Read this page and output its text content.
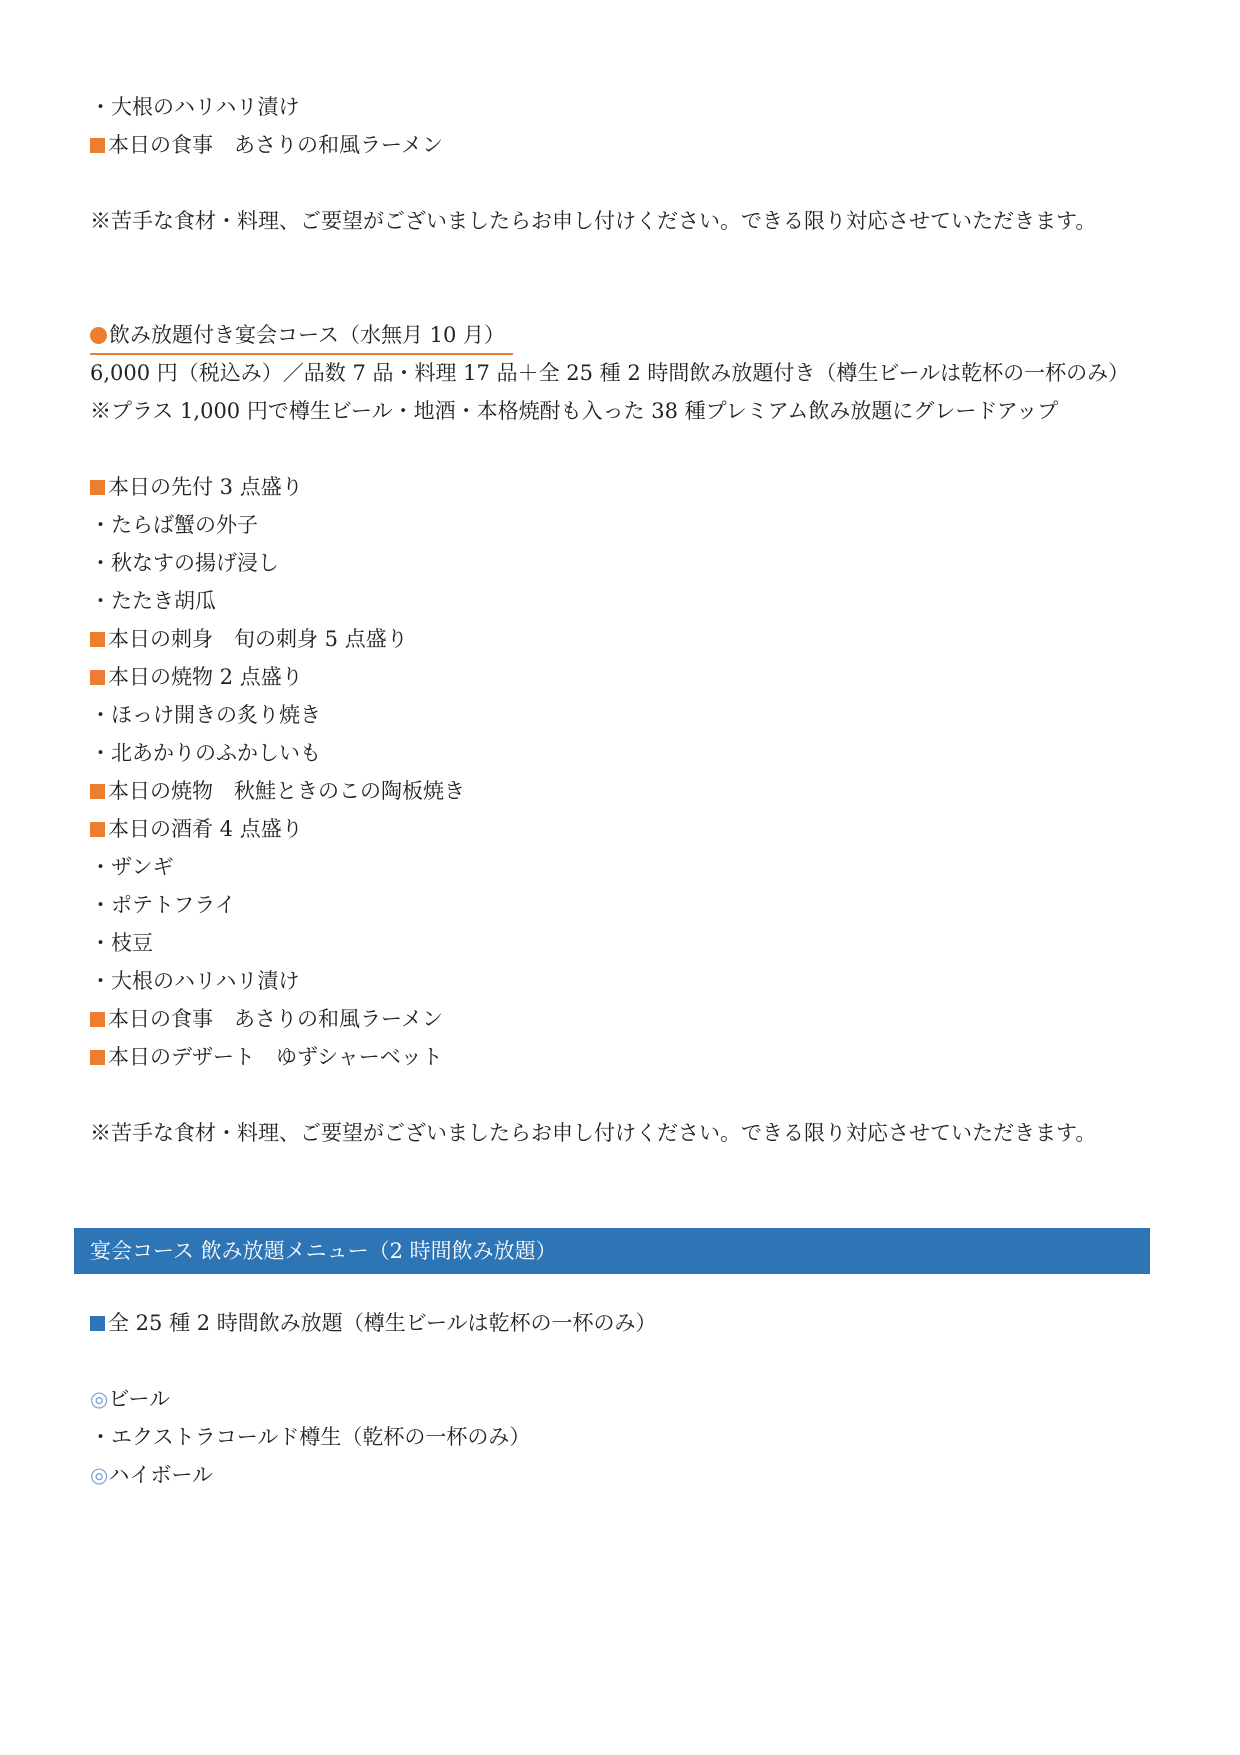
・大根のハリハリ漬け
本日の食事　あさりの和風ラーメン
※苦手な食材・料理、ご要望がございましたらお申し付けください。できる限り対応させていただきます。
飲み放題付き宴会コース（水無月 10 月）
6,000 円（税込み）／品数 7 品・料理 17 品＋全 25 種 2 時間飲み放題付き（樽生ビールは乾杯の一杯のみ）
※プラス 1,000 円で樽生ビール・地酒・本格焼酎も入った 38 種プレミアム飲み放題にグレードアップ
本日の先付 3 点盛り
・たらば蟹の外子
・秋なすの揚げ浸し
・たたき胡瓜
本日の刺身　旬の刺身 5 点盛り
本日の焼物 2 点盛り
・ほっけ開きの炙り焼き
・北あかりのふかしいも
本日の焼物　秋鮭ときのこの陶板焼き
本日の酒肴 4 点盛り
・ザンギ
・ポテトフライ
・枝豆
・大根のハリハリ漬け
本日の食事　あさりの和風ラーメン
本日のデザート　ゆずシャーベット
※苦手な食材・料理、ご要望がございましたらお申し付けください。できる限り対応させていただきます。
宴会コース 飲み放題メニュー（2 時間飲み放題）
全 25 種 2 時間飲み放題（樽生ビールは乾杯の一杯のみ）
◎ビール
・エクストラコールド樽生（乾杯の一杯のみ）
◎ハイボール
